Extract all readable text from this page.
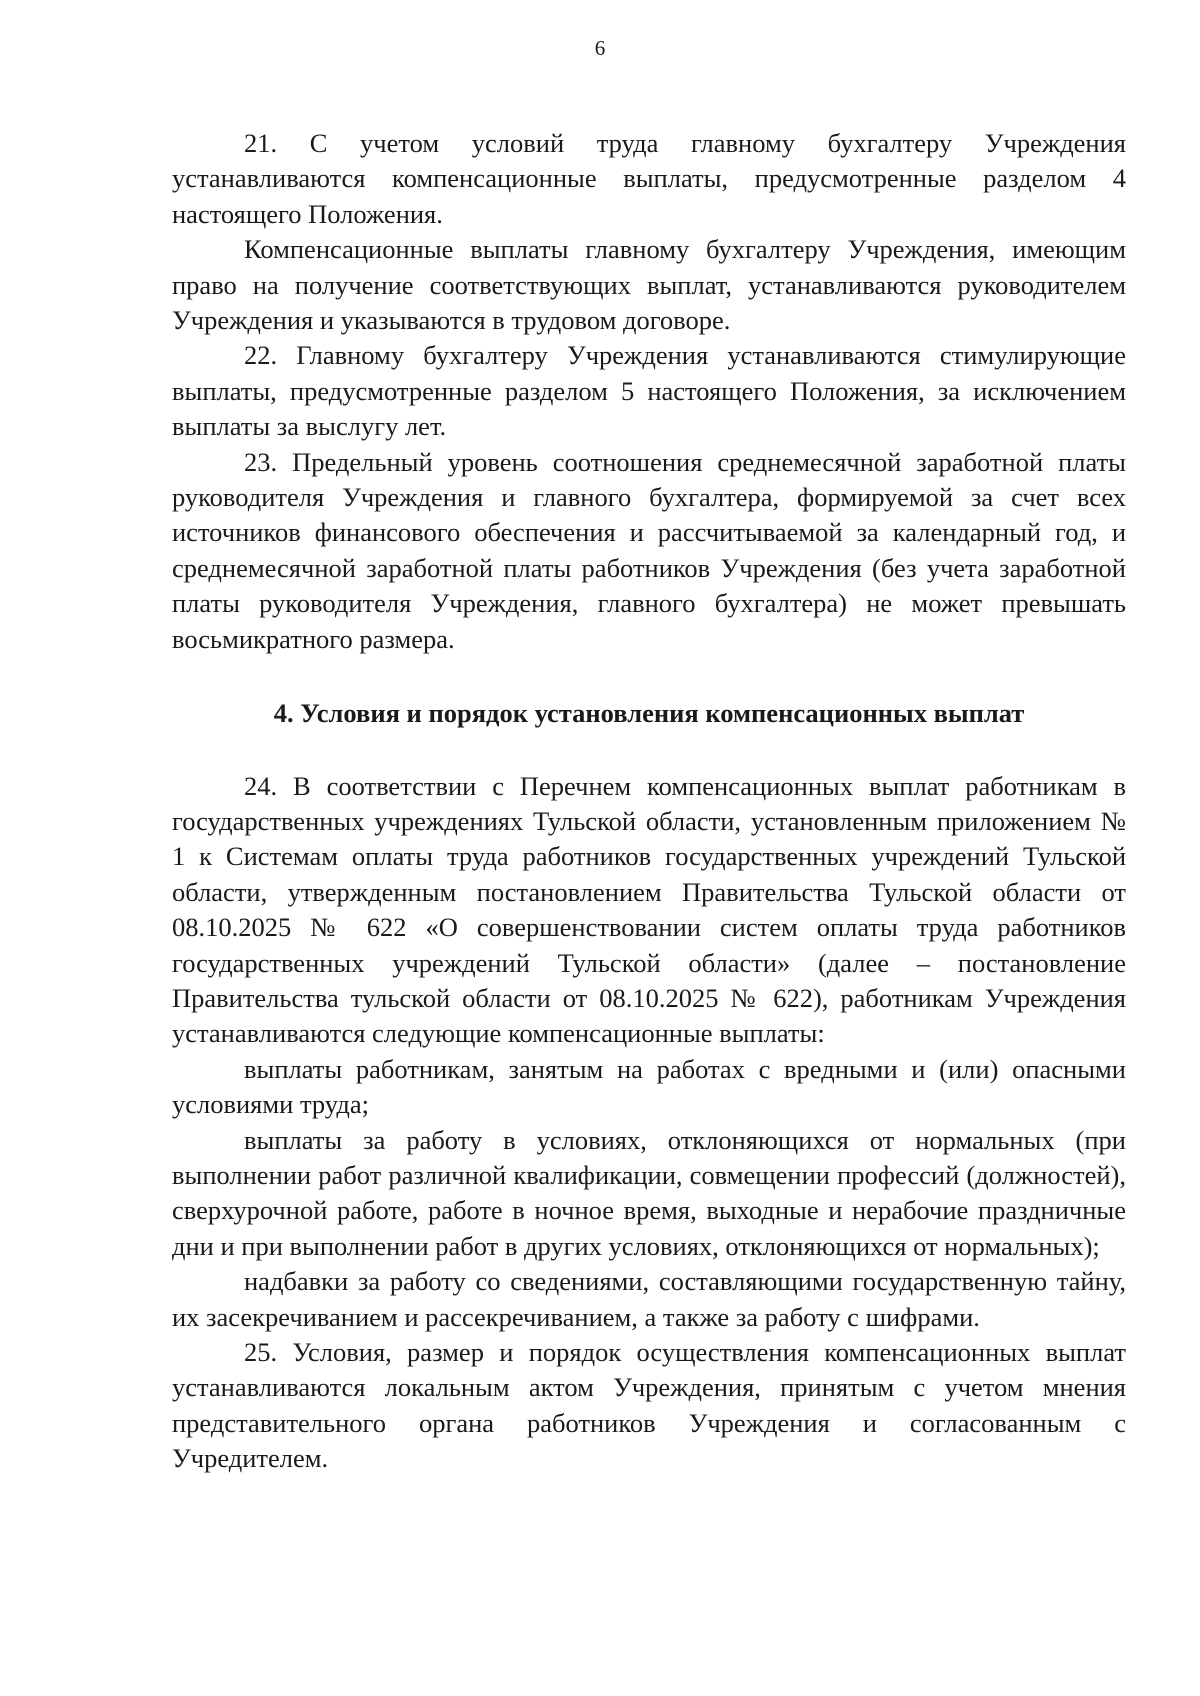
6

21. С учетом условий труда главному бухгалтеру Учреждения устанавливаются компенсационные выплаты, предусмотренные разделом 4 настоящего Положения.

Компенсационные выплаты главному бухгалтеру Учреждения, имеющим право на получение соответствующих выплат, устанавливаются руководителем Учреждения и указываются в трудовом договоре.

22. Главному бухгалтеру Учреждения устанавливаются стимулирующие выплаты, предусмотренные разделом 5 настоящего Положения, за исключением выплаты за выслугу лет.

23. Предельный уровень соотношения среднемесячной заработной платы руководителя Учреждения и главного бухгалтера, формируемой за счет всех источников финансового обеспечения и рассчитываемой за календарный год, и среднемесячной заработной платы работников Учреждения (без учета заработной платы руководителя Учреждения, главного бухгалтера) не может превышать восьмикратного размера.

4. Условия и порядок установления компенсационных выплат

24. В соответствии с Перечнем компенсационных выплат работникам в государственных учреждениях Тульской области, установленным приложением № 1 к Системам оплаты труда работников государственных учреждений Тульской области, утвержденным постановлением Правительства Тульской области от 08.10.2025 № 622 «О совершенствовании систем оплаты труда работников государственных учреждений Тульской области» (далее – постановление Правительства тульской области от 08.10.2025 № 622), работникам Учреждения устанавливаются следующие компенсационные выплаты:

выплаты работникам, занятым на работах с вредными и (или) опасными условиями труда;

выплаты за работу в условиях, отклоняющихся от нормальных (при выполнении работ различной квалификации, совмещении профессий (должностей), сверхурочной работе, работе в ночное время, выходные и нерабочие праздничные дни и при выполнении работ в других условиях, отклоняющихся от нормальных);

надбавки за работу со сведениями, составляющими государственную тайну, их засекречиванием и рассекречиванием, а также за работу с шифрами.

25. Условия, размер и порядок осуществления компенсационных выплат устанавливаются локальным актом Учреждения, принятым с учетом мнения представительного органа работников Учреждения и согласованным с Учредителем.
